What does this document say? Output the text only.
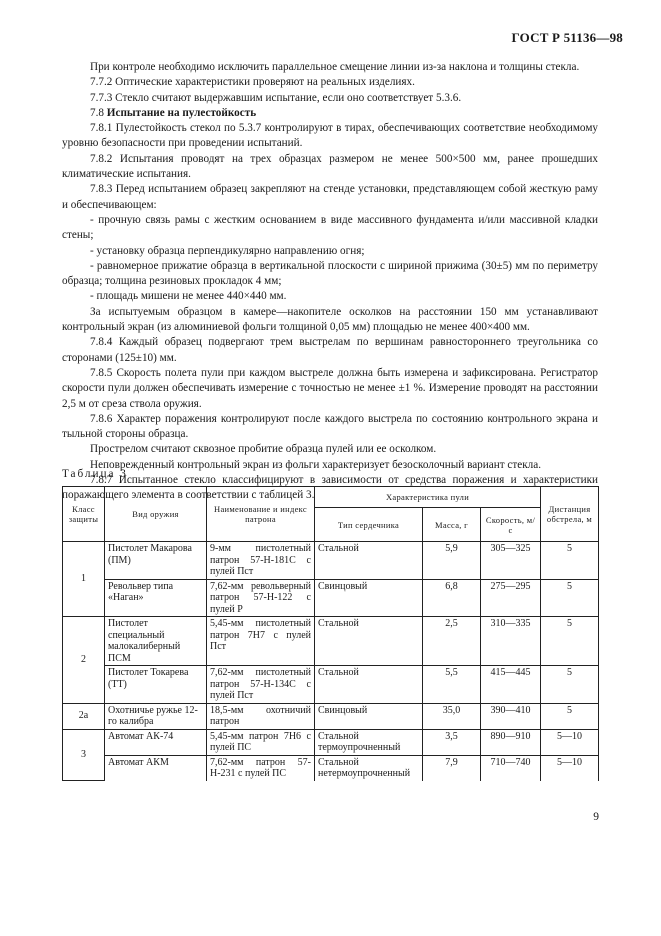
ГОСТ Р 51136—98

При контроле необходимо исключить параллельное смещение линии из-за наклона и толщины стекла.

7.7.2 Оптические характеристики проверяют на реальных изделиях.

7.7.3 Стекло считают выдержавшим испытание, если оно соответствует 5.3.6.

7.8 Испытание на пулестойкость

7.8.1 Пулестойкость стекол по 5.3.7 контролируют в тирах, обеспечивающих соответствие необходимому уровню безопасности при проведении испытаний.

7.8.2 Испытания проводят на трех образцах размером не менее 500×500 мм, ранее прошедших климатические испытания.

7.8.3 Перед испытанием образец закрепляют на стенде установки, представляющем собой жесткую раму и обеспечивающем:

- прочную связь рамы с жестким основанием в виде массивного фундамента и/или массивной кладки стены;

- установку образца перпендикулярно направлению огня;

- равномерное прижатие образца в вертикальной плоскости с шириной прижима (30±5) мм по периметру образца; толщина резиновых прокладок 4 мм;

- площадь мишени не менее 440×440 мм.

За испытуемым образцом в камере—накопителе осколков на расстоянии 150 мм устанавливают контрольный экран (из алюминиевой фольги толщиной 0,05 мм) площадью не менее 400×400 мм.

7.8.4 Каждый образец подвергают трем выстрелам по вершинам равностороннего треугольника со сторонами (125±10) мм.

7.8.5 Скорость полета пули при каждом выстреле должна быть измерена и зафиксирована. Регистратор скорости пули должен обеспечивать измерение с точностью не менее ±1 %. Измерение проводят на расстоянии 2,5 м от среза ствола оружия.

7.8.6 Характер поражения контролируют после каждого выстрела по состоянию контрольного экрана и тыльной стороны образца.

Прострелом считают сквозное пробитие образца пулей или ее осколком.

Неповрежденный контрольный экран из фольги характеризует безосколочный вариант стекла.

7.8.7 Испытанное стекло классифицируют в зависимости от средства поражения и характеристики поражающего элемента в соответствии с таблицей 3.

Таблица 3
Класс защиты	Вид оружия	Наименование и индекс патрона	Характеристика пули			Дистанция обстрела, м
			Тип сердечника	Масса, г	Скорость, м/с	
1	Пистолет Макарова (ПМ)	9-мм пистолетный патрон 57-Н-181С с пулей Пст	Стальной	5,9	305—325	5
	Револьвер типа «Наган»	7,62-мм револьверный патрон 57-Н-122 с пулей Р	Свинцовый	6,8	275—295	5
2	Пистолет специальный малокалиберный ПСМ	5,45-мм пистолетный патрон 7Н7 с пулей Пст	Стальной	2,5	310—335	5
	Пистолет Токарева (ТТ)	7,62-мм пистолетный патрон 57-Н-134С с пулей Пст	Стальной	5,5	415—445	5
2а	Охотничье ружье 12-го калибра	18,5-мм охотничий патрон	Свинцовый	35,0	390—410	5
3	Автомат АК-74	5,45-мм патрон 7Н6 с пулей ПС	Стальной термоупрочненный	3,5	890—910	5—10
	Автомат АКМ	7,62-мм патрон 57-Н-231 с пулей ПС	Стальной нетермоупрочненный	7,9	710—740	5—10
9
